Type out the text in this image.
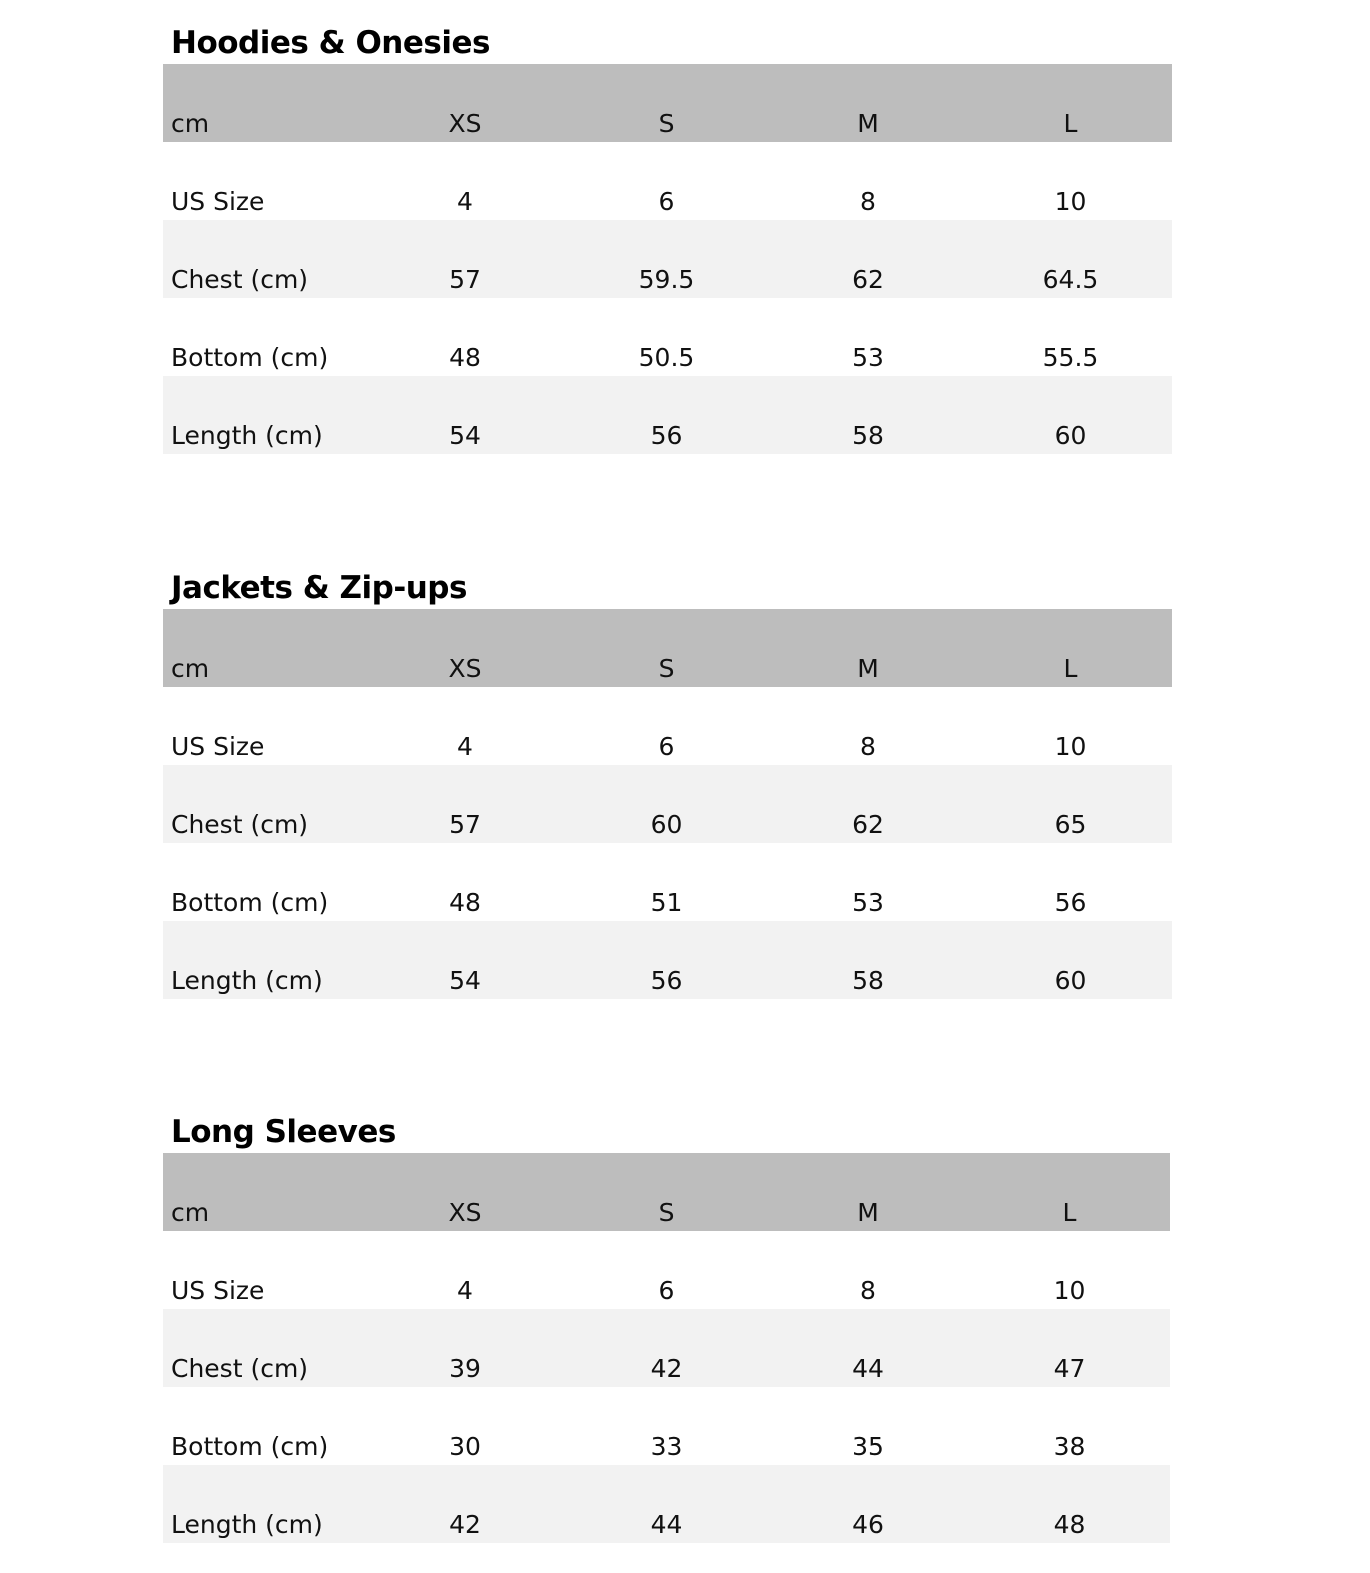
Hoodies & Onesies
cm	XS	S	M	L
US Size	4	6	8	10
Chest (cm)	57	59.5	62	64.5
Bottom (cm)	48	50.5	53	55.5
Length (cm)	54	56	58	60
Jackets & Zip-ups
cm	XS	S	M	L
US Size	4	6	8	10
Chest (cm)	57	60	62	65
Bottom (cm)	48	51	53	56
Length (cm)	54	56	58	60
Long Sleeves
cm	XS	S	M	L
US Size	4	6	8	10
Chest (cm)	39	42	44	47
Bottom (cm)	30	33	35	38
Length (cm)	42	44	46	48
